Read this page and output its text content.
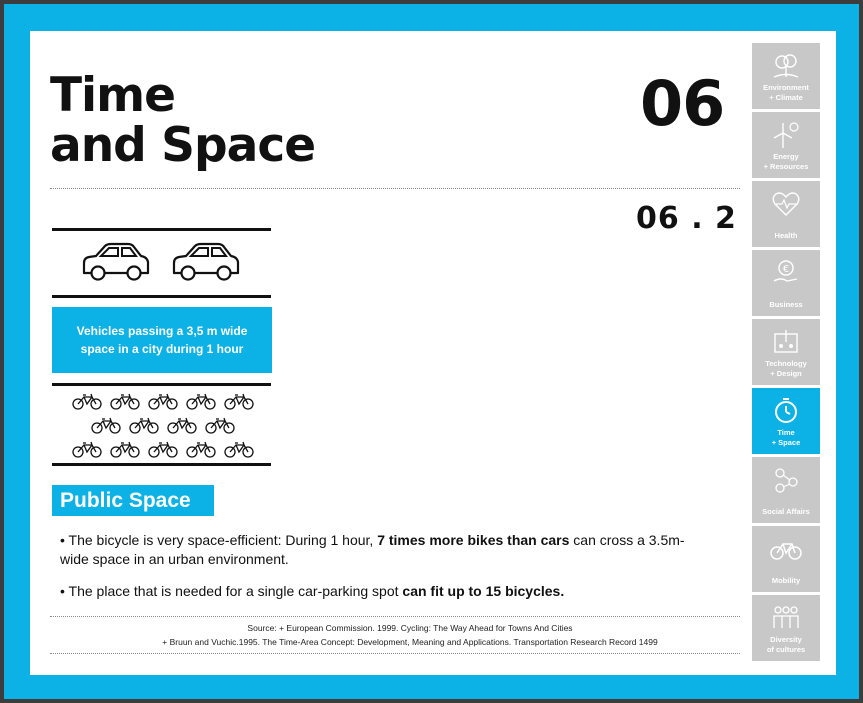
Time
and Space
06
06 . 2

Vehicles passing a 3,5 m wide
space in a city during 1 hour
Public Space
• The bicycle is very space-efficient: During 1 hour, 7 times more bikes than cars can cross a 3.5m-wide space in an urban environment.
• The place that is needed for a single car-parking spot can fit up to 15 bicycles.
Source: + European Commission. 1999. Cycling: The Way Ahead for Towns And Cities
+ Bruun and Vuchic.1995. The Time-Area Concept: Development, Meaning and Applications. Transportation Research Record 1499
Environment
+ Climate
Energy
+ Resources
Health
€
Business
Technology
+ Design
Time
+ Space
Social Affairs
Mobility
Diversity
of cultures
